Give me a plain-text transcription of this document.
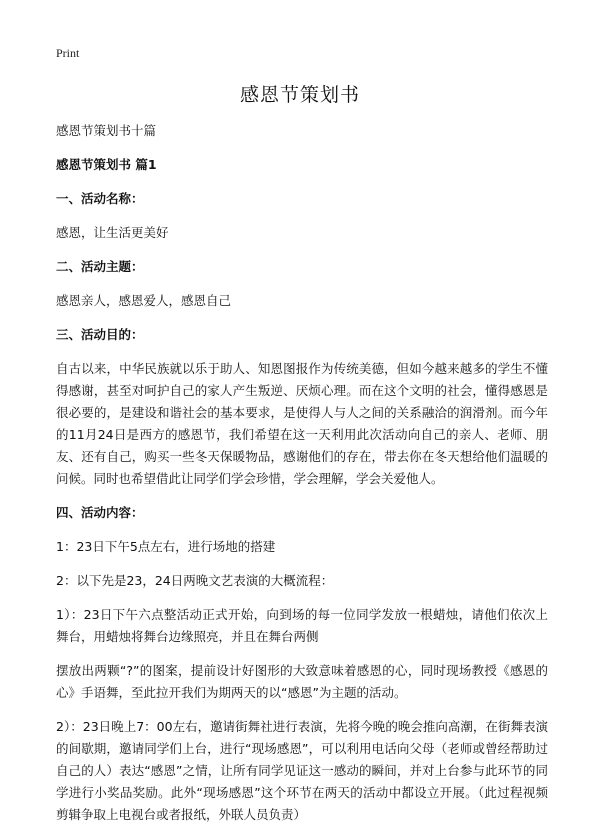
Print
感恩节策划书

感恩节策划书十篇

感恩节策划书 篇1

一、活动名称：

感恩，让生活更美好

二、活动主题：

感恩亲人，感恩爱人，感恩自己

三、活动目的：

自古以来，中华民族就以乐于助人、知恩图报作为传统美德，但如今越来越多的学生不懂得感谢，甚至对呵护自己的家人产生叛逆、厌烦心理。而在这个文明的社会，懂得感恩是很必要的，是建设和谐社会的基本要求，是使得人与人之间的关系融洽的润滑剂。而今年的11月24日是西方的感恩节，我们希望在这一天利用此次活动向自己的亲人、老师、朋友、还有自己，购买一些冬天保暖物品，感谢他们的存在，带去你在冬天想给他们温暖的问候。同时也希望借此让同学们学会珍惜，学会理解，学会关爱他人。

四、活动内容：

1：23日下午5点左右，进行场地的搭建

2：以下先是23，24日两晚文艺表演的大概流程：

1）：23日下午六点整活动正式开始，向到场的每一位同学发放一根蜡烛，请他们依次上舞台，用蜡烛将舞台边缘照亮，并且在舞台两侧

摆放出两颗“?”的图案，提前设计好图形的大致意味着感恩的心，同时现场教授《感恩的心》手语舞，至此拉开我们为期两天的以“感恩”为主题的活动。

2）：23日晚上7：00左右，邀请街舞社进行表演，先将今晚的晚会推向高潮，在街舞表演的间歇期，邀请同学们上台，进行“现场感恩”，可以利用电话向父母（老师或曾经帮助过自己的人）表达“感恩”之情，让所有同学见证这一感动的瞬间，并对上台参与此环节的同学进行小奖品奖励。此外“现场感恩”这个环节在两天的活动中都设立开展。（此过程视频剪辑争取上电视台或者报纸，外联人员负责）
